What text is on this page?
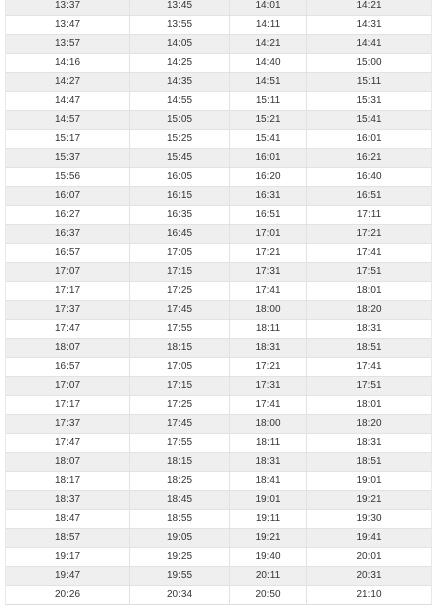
13:37	13:45	14:01	14:21
13:47	13:55	14:11	14:31
13:57	14:05	14:21	14:41
14:16	14:25	14:40	15:00
14:27	14:35	14:51	15:11
14:47	14:55	15:11	15:31
14:57	15:05	15:21	15:41
15:17	15:25	15:41	16:01
15:37	15:45	16:01	16:21
15:56	16:05	16:20	16:40
16:07	16:15	16:31	16:51
16:27	16:35	16:51	17:11
16:37	16:45	17:01	17:21
16:57	17:05	17:21	17:41
17:07	17:15	17:31	17:51
17:17	17:25	17:41	18:01
17:37	17:45	18:00	18:20
17:47	17:55	18:11	18:31
18:07	18:15	18:31	18:51
16:57	17:05	17:21	17:41
17:07	17:15	17:31	17:51
17:17	17:25	17:41	18:01
17:37	17:45	18:00	18:20
17:47	17:55	18:11	18:31
18:07	18:15	18:31	18:51
18:17	18:25	18:41	19:01
18:37	18:45	19:01	19:21
18:47	18:55	19:11	19:30
18:57	19:05	19:21	19:41
19:17	19:25	19:40	20:01
19:47	19:55	20:11	20:31
20:26	20:34	20:50	21:10
